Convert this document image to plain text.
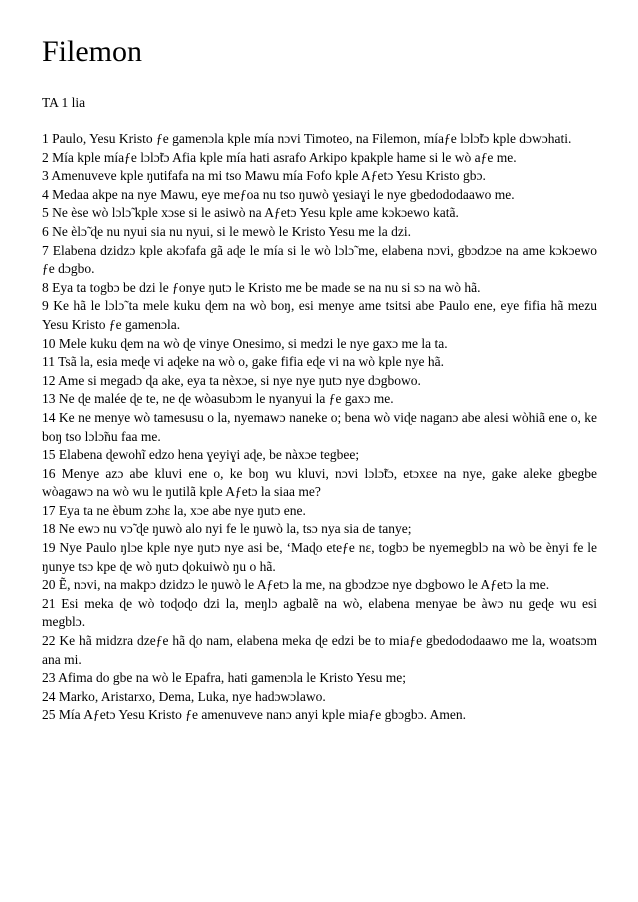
Filemon

TA 1 lia

1 Paulo, Yesu Kristo ƒe gamenɔla kple mía nɔvi Timoteo, na Filemon, míaƒe lɔlɔ̃tɔ kple dɔwɔhati.

2 Mía kple míaƒe lɔlɔ̃tɔ Afia kple mía hati asrafo Arkipo kpakple hame si le wò aƒe me.

3 Amenuveve kple ŋutifafa na mi tso Mawu mía Fofo kple Aƒetɔ Yesu Kristo gbɔ.

4 Medaa akpe na nye Mawu, eye meƒoa nu tso ŋuwò ɣesiaɣi le nye gbedododaawo me.

5 Ne èse wò lɔlɔ̃ kple xɔse si le asiwò na Aƒetɔ Yesu kple ame kɔkɔewo katã.

6 Ne èlɔ̃ ɖe nu nyui sia nu nyui, si le mewò le Kristo Yesu me la dzi.

7 Elabena dzidzɔ kple akɔfafa gã aɖe le mía si le wò lɔlɔ̃ me, elabena nɔvi, gbɔdzɔe na ame kɔkɔewo ƒe dɔgbo.

8 Eya ta togbɔ be dzi le ƒonye ŋutɔ le Kristo me be made se na nu si sɔ na wò hã.

9 Ke hã le lɔlɔ̃ ta mele kuku ɖem na wò boŋ, esi menye ame tsitsi abe Paulo ene, eye fifia hã mezu Yesu Kristo ƒe gamenɔla.

10 Mele kuku ɖem na wò ɖe vinye Onesimo, si medzi le nye gaxɔ me la ta.

11 Tsã la, esia meɖe vi aɖeke na wò o, gake fifia eɖe vi na wò kple nye hã.

12 Ame si megadɔ ɖa ake, eya ta nèxɔe, si nye nye ŋutɔ nye dɔgbowo.

13 Ne ɖe malée ɖe te, ne ɖe wòasubɔm le nyanyui la ƒe gaxɔ me.

14 Ke ne menye wò tamesusu o la, nyemawɔ naneke o; bena wò viɖe naganɔ abe alesi wòhiã ene o, ke boŋ tso lɔlɔ̃nu faa me.

15 Elabena ɖewohĩ edzo hena ɣeyiɣi aɖe, be nàxɔe tegbee;

16 Menye azɔ abe kluvi ene o, ke boŋ wu kluvi, nɔvi lɔlɔ̃tɔ, etɔxɛe na nye, gake aleke gbegbe wòagawɔ na wò wu le ŋutilã kple Aƒetɔ la siaa me?

17 Eya ta ne èbum zɔhɛ la, xɔe abe nye ŋutɔ ene.

18 Ne ewɔ nu vɔ̃ ɖe ŋuwò alo nyi fe le ŋuwò la, tsɔ nya sia de tanye;

19 Nye Paulo ŋlɔe kple nye ŋutɔ nye asi be, ‘Maɖo eteƒe nɛ, togbɔ be nyemegblɔ na wò be ènyi fe le ŋunye tsɔ kpe ɖe wò ŋutɔ ɖokuiwò ŋu o hã.

20 Ẽ, nɔvi, na makpɔ dzidzɔ le ŋuwò le Aƒetɔ la me, na gbɔdzɔe nye dɔgbowo le Aƒetɔ la me.

21 Esi meka ɖe wò toɖoɖo dzi la, meŋlɔ agbalẽ na wò, elabena menyae be àwɔ nu geɖe wu esi megblɔ.

22 Ke hã midzra dzeƒe hã ɖo nam, elabena meka ɖe edzi be to miaƒe gbedododaawo me la, woatsɔm ana mi.

23 Afima do gbe na wò le Epafra, hati gamenɔla le Kristo Yesu me;

24 Marko, Aristarxo, Dema, Luka, nye hadɔwɔlawo.

25 Mía Aƒetɔ Yesu Kristo ƒe amenuveve nanɔ anyi kple miaƒe gbɔgbɔ. Amen.
